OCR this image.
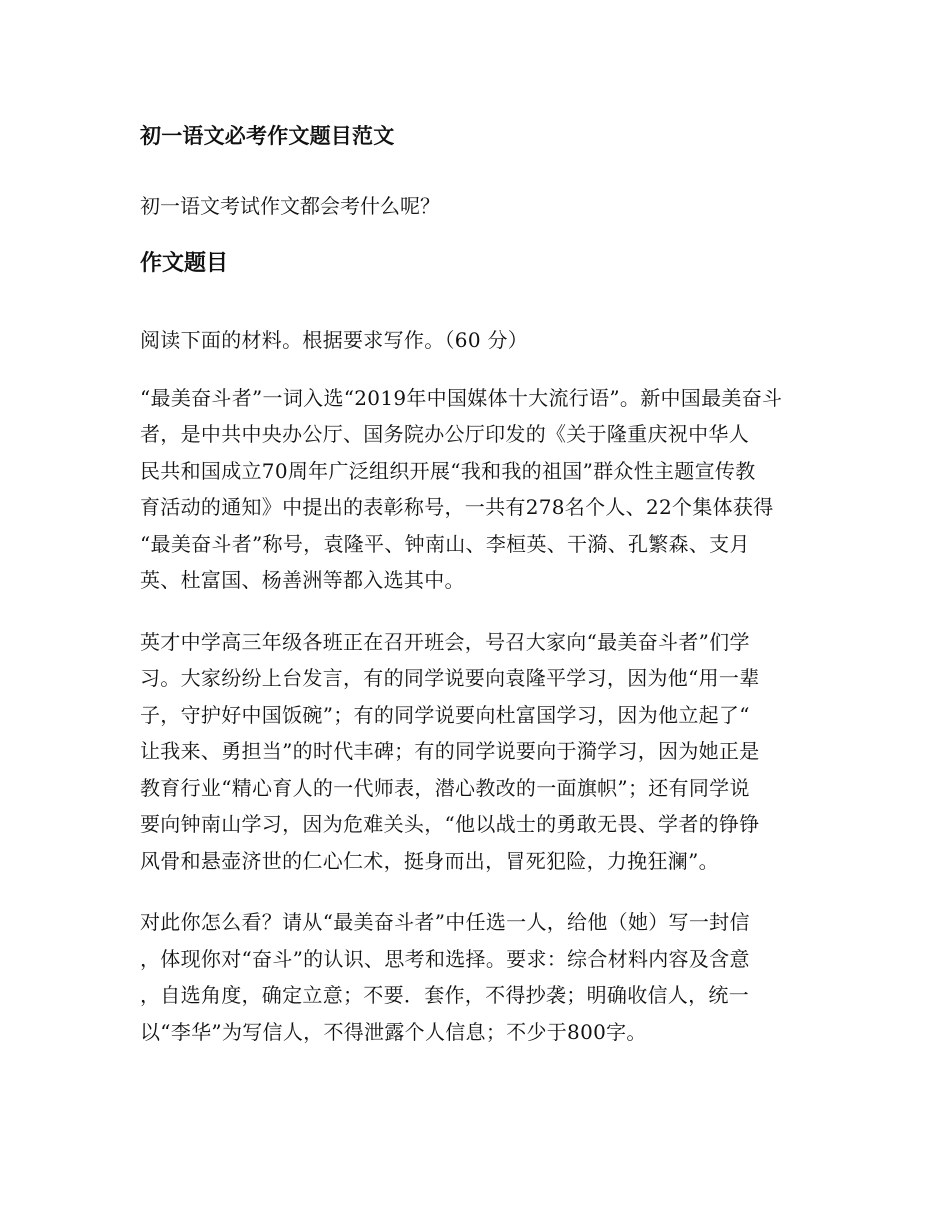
初一语文必考作文题目范文

初一语文考试作文都会考什么呢？

作文题目

阅读下面的材料。根据要求写作。（60 分）

“最美奋斗者”一词入选“2019年中国媒体十大流行语”。新中国最美奋斗
者，是中共中央办公厅、国务院办公厅印发的《关于隆重庆祝中华人
民共和国成立70周年广泛组织开展“我和我的祖国”群众性主题宣传教
育活动的通知》中提出的表彰称号，一共有278名个人、22个集体获得
“最美奋斗者”称号，袁隆平、钟南山、李桓英、干漪、孔繁森、支月
英、杜富国、杨善洲等都入选其中。

英才中学高三年级各班正在召开班会，号召大家向“最美奋斗者”们学
习。大家纷纷上台发言，有的同学说要向袁隆平学习，因为他“用一辈
子，守护好中国饭碗”；有的同学说要向杜富国学习，因为他立起了“
让我来、勇担当”的时代丰碑；有的同学说要向于漪学习，因为她正是
教育行业“精心育人的一代师表，潜心教改的一面旗帜”；还有同学说
要向钟南山学习，因为危难关头，“他以战士的勇敢无畏、学者的铮铮
风骨和悬壶济世的仁心仁术，挺身而出，冒死犯险，力挽狂澜”。

对此你怎么看？请从“最美奋斗者”中任选一人，给他（她）写一封信
，体现你对“奋斗”的认识、思考和选择。要求：综合材料内容及含意
，自选角度，确定立意；不要．套作，不得抄袭；明确收信人，统一
以“李华”为写信人，不得泄露个人信息；不少于800字。
